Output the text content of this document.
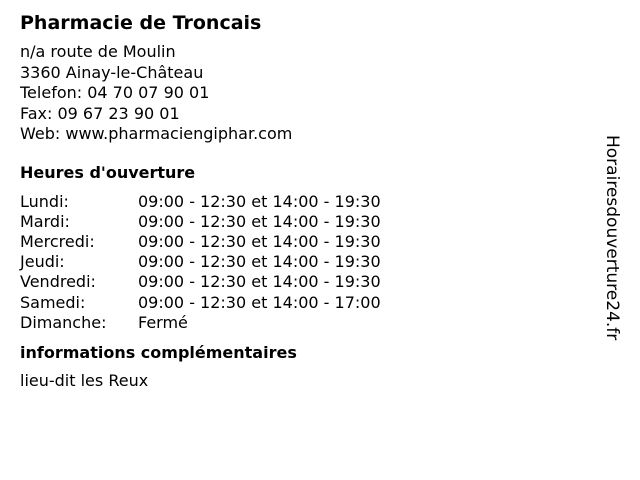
Pharmacie de Troncais
n/a route de Moulin
3360 Ainay-le-Château
Telefon: 04 70 07 90 01
Fax: 09 67 23 90 01
Web: www.pharmaciengiphar.com
Heures d'ouverture
Lundi:	09:00 - 12:30 et 14:00 - 19:30
Mardi:	09:00 - 12:30 et 14:00 - 19:30
Mercredi:	09:00 - 12:30 et 14:00 - 19:30
Jeudi:	09:00 - 12:30 et 14:00 - 19:30
Vendredi:	09:00 - 12:30 et 14:00 - 19:30
Samedi:	09:00 - 12:30 et 14:00 - 17:00
Dimanche:	Fermé
informations complémentaires
lieu-dit les Reux
Horairesdouverture24.fr
